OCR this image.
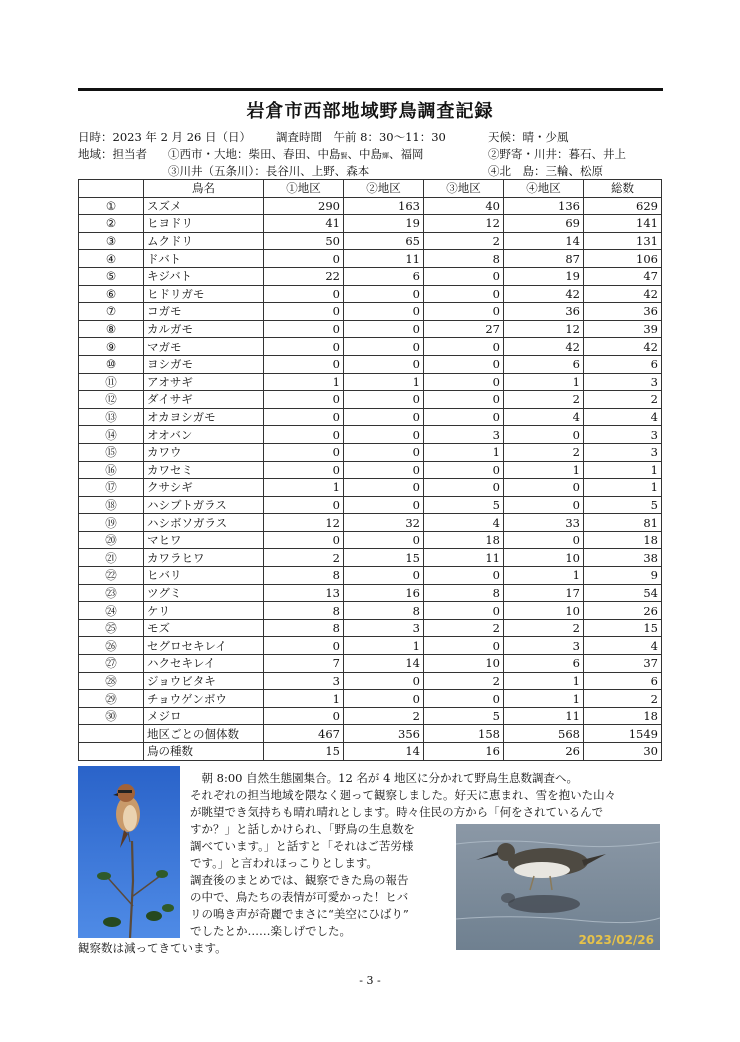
岩倉市西部地域野鳥調査記録
日時：2023 年 2 月 26 日（日） 調査時間　午前 8：30～11：30	天候：晴・少風
地域：担当者 ①西市・大地：柴田、春田、中島賢、中島輝、福岡	②野寄・川井：暮石、井上
③川井（五条川）：長谷川、上野、森本	④北　島：三輪、松原
	鳥名	①地区	②地区	③地区	④地区	総数
①	スズメ	290	163	40	136	629
②	ヒヨドリ	41	19	12	69	141
③	ムクドリ	50	65	2	14	131
④	ドバト	0	11	8	87	106
⑤	キジバト	22	6	0	19	47
⑥	ヒドリガモ	0	0	0	42	42
⑦	コガモ	0	0	0	36	36
⑧	カルガモ	0	0	27	12	39
⑨	マガモ	0	0	0	42	42
⑩	ヨシガモ	0	0	0	6	6
⑪	アオサギ	1	1	0	1	3
⑫	ダイサギ	0	0	0	2	2
⑬	オカヨシガモ	0	0	0	4	4
⑭	オオバン	0	0	3	0	3
⑮	カワウ	0	0	1	2	3
⑯	カワセミ	0	0	0	1	1
⑰	クサシギ	1	0	0	0	1
⑱	ハシブトガラス	0	0	5	0	5
⑲	ハシボソガラス	12	32	4	33	81
⑳	マヒワ	0	0	18	0	18
㉑	カワラヒワ	2	15	11	10	38
㉒	ヒバリ	8	0	0	1	9
㉓	ツグミ	13	16	8	17	54
㉔	ケリ	8	8	0	10	26
㉕	モズ	8	3	2	2	15
㉖	セグロセキレイ	0	1	0	3	4
㉗	ハクセキレイ	7	14	10	6	37
㉘	ジョウビタキ	3	0	2	1	6
㉙	チョウゲンボウ	1	0	0	1	2
㉚	メジロ	0	2	5	11	18
	地区ごとの個体数	467	356	158	568	1549
	鳥の種数	15	14	16	26	30
2023/02/26
　朝 8:00 自然生態園集合。12 名が 4 地区に分かれて野鳥生息数調査へ。
それぞれの担当地域を隈なく廻って観察しました。好天に恵まれ、雪を抱いた山々
が眺望でき気持ちも晴れ晴れとします。時々住民の方から「何をされているんで
すか？」と話しかけられ、「野鳥の生息数を
調べています。」と話すと「それはご苦労様
です。」と言われほっこりとします。
調査後のまとめでは、観察できた鳥の報告
の中で、鳥たちの表情が可愛かった！ヒバ
リの鳴き声が奇麗でまさに“美空にひばり”
でしたとか……楽しげでした。
観察数は減ってきています。
- 3 -
